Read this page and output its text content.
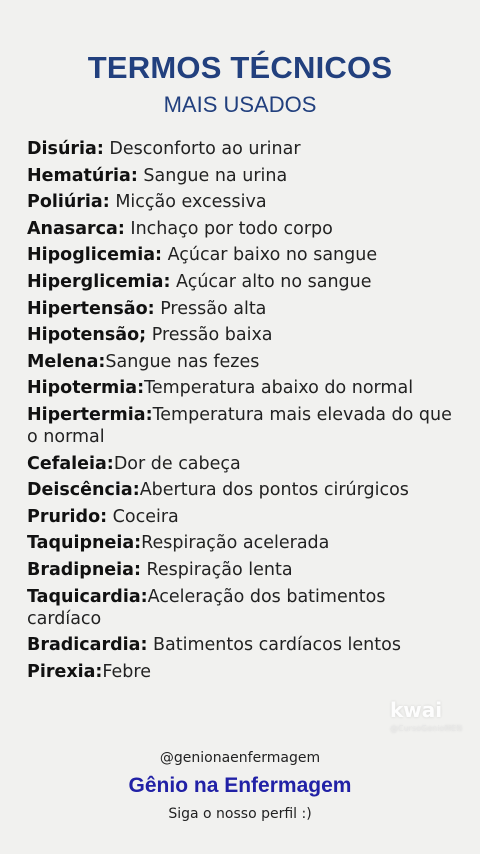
TERMOS TÉCNICOS
MAIS USADOS
Disúria: Desconforto ao urinar
Hematúria: Sangue na urina
Poliúria: Micção excessiva
Anasarca: Inchaço por todo corpo
Hipoglicemia: Açúcar baixo no sangue
Hiperglicemia: Açúcar alto no sangue
Hipertensão: Pressão alta
Hipotensão; Pressão baixa
Melena:Sangue nas fezes
Hipotermia:Temperatura abaixo do normal
Hipertermia:Temperatura mais elevada do que o normal
Cefaleia:Dor de cabeça
Deiscência:Abertura dos pontos cirúrgicos
Prurido: Coceira
Taquipneia:Respiração acelerada
Bradipneia: Respiração lenta
Taquicardia:Aceleração dos batimentos cardíaco
Bradicardia: Batimentos cardíacos lentos
Pirexia:Febre
kwai
@CursoGenioMEN
@genionaenfermagem
Gênio na Enfermagem
Siga o nosso perfil :)
